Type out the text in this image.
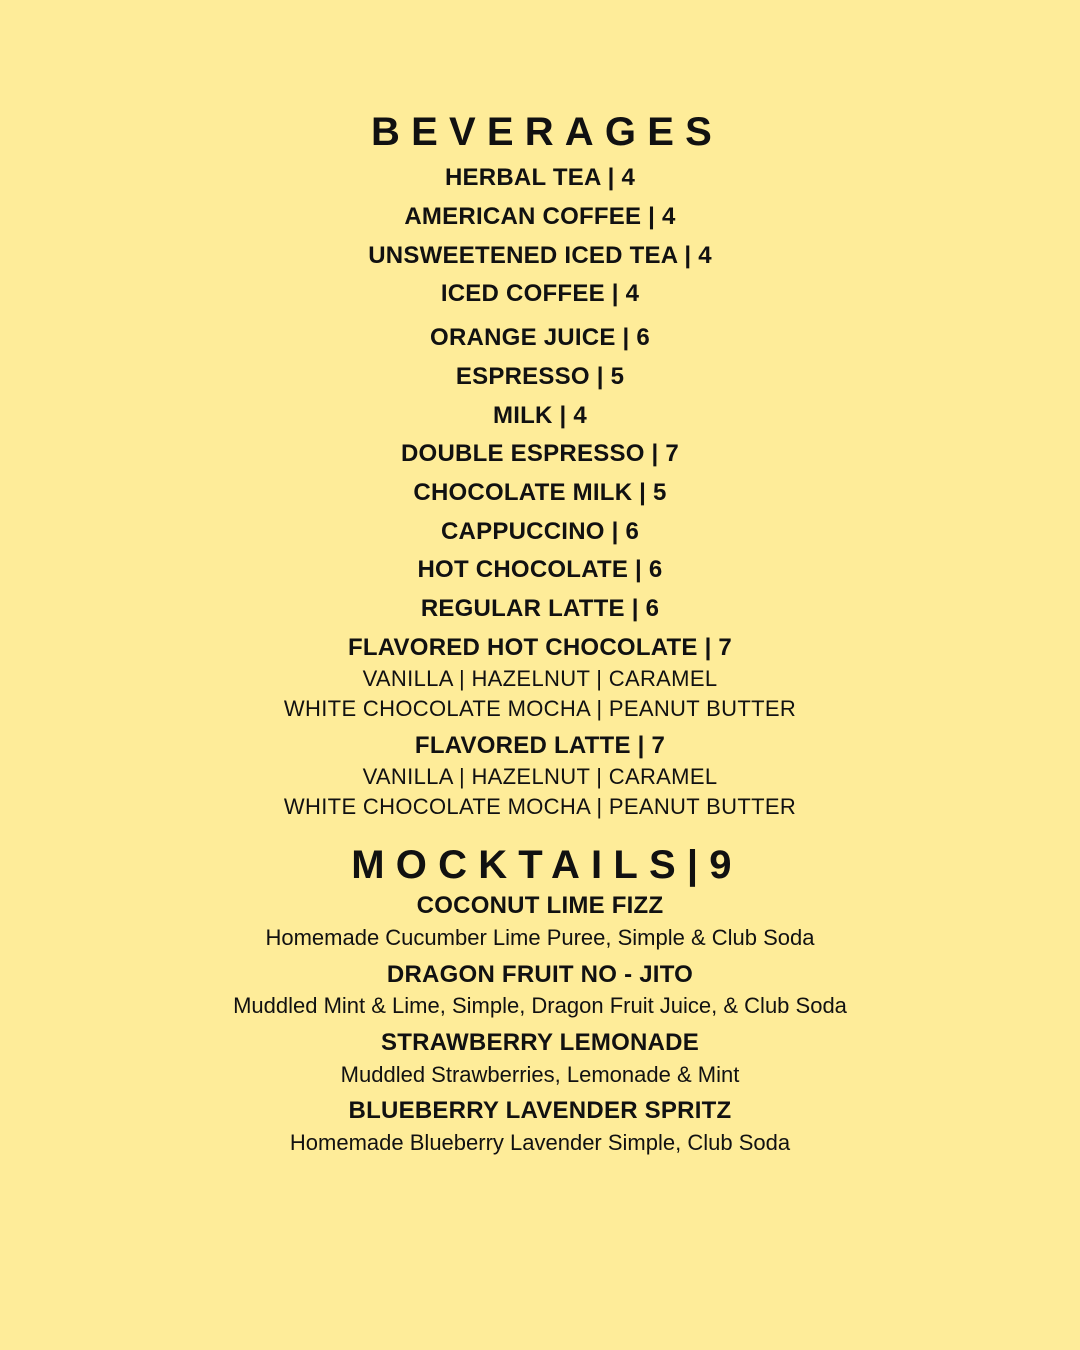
BEVERAGES
HERBAL TEA | 4
AMERICAN COFFEE | 4
UNSWEETENED ICED TEA | 4
ICED COFFEE | 4
ORANGE JUICE | 6
ESPRESSO | 5
MILK | 4
DOUBLE ESPRESSO | 7
CHOCOLATE MILK | 5
CAPPUCCINO | 6
HOT CHOCOLATE | 6
REGULAR LATTE | 6
FLAVORED HOT CHOCOLATE | 7
VANILLA | HAZELNUT | CARAMEL
WHITE CHOCOLATE MOCHA | PEANUT BUTTER
FLAVORED LATTE | 7
VANILLA | HAZELNUT | CARAMEL
WHITE CHOCOLATE MOCHA | PEANUT BUTTER
MOCKTAILS|9
COCONUT LIME FIZZ
Homemade Cucumber Lime Puree, Simple & Club Soda
DRAGON FRUIT NO - JITO
Muddled Mint & Lime, Simple, Dragon Fruit Juice, & Club Soda
STRAWBERRY LEMONADE
Muddled Strawberries, Lemonade & Mint
BLUEBERRY LAVENDER SPRITZ
Homemade Blueberry Lavender Simple, Club Soda
